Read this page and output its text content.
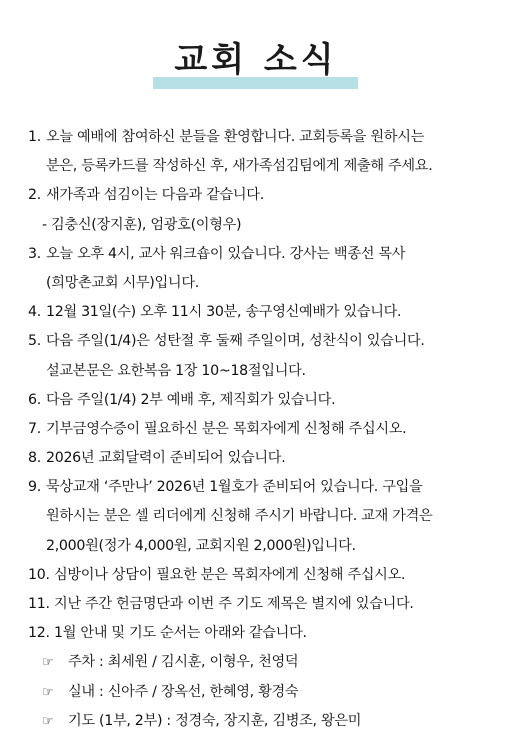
교회 소식
1. 오늘 예배에 참여하신 분들을 환영합니다. 교회등록을 원하시는
분은, 등록카드를 작성하신 후, 새가족섬김팀에게 제출해 주세요.
2. 새가족과 섬김이는 다음과 같습니다.
- 김충신(장지훈), 엄광호(이형우)
3. 오늘 오후 4시, 교사 워크숍이 있습니다. 강사는 백종선 목사
(희망촌교회 시무)입니다.
4. 12월 31일(수) 오후 11시 30분, 송구영신예배가 있습니다.
5. 다음 주일(1/4)은 성탄절 후 둘째 주일이며, 성찬식이 있습니다.
설교본문은 요한복음 1장 10~18절입니다.
6. 다음 주일(1/4) 2부 예배 후, 제직회가 있습니다.
7. 기부금영수증이 필요하신 분은 목회자에게 신청해 주십시오.
8. 2026년 교회달력이 준비되어 있습니다.
9. 묵상교재 ‘주만나’ 2026년 1월호가 준비되어 있습니다. 구입을
원하시는 분은 셀 리더에게 신청해 주시기 바랍니다. 교재 가격은
2,000원(정가 4,000원, 교회지원 2,000원)입니다.
10. 심방이나 상담이 필요한 분은 목회자에게 신청해 주십시오.
11. 지난 주간 헌금명단과 이번 주 기도 제목은 별지에 있습니다.
12. 1월 안내 및 기도 순서는 아래와 같습니다.
☞ 주차 : 최세원 / 김시훈, 이형우, 천영덕
☞ 실내 : 신아주 / 장옥선, 한혜영, 황경숙
☞ 기도 (1부, 2부) : 정경숙, 장지훈, 김병조, 왕은미
